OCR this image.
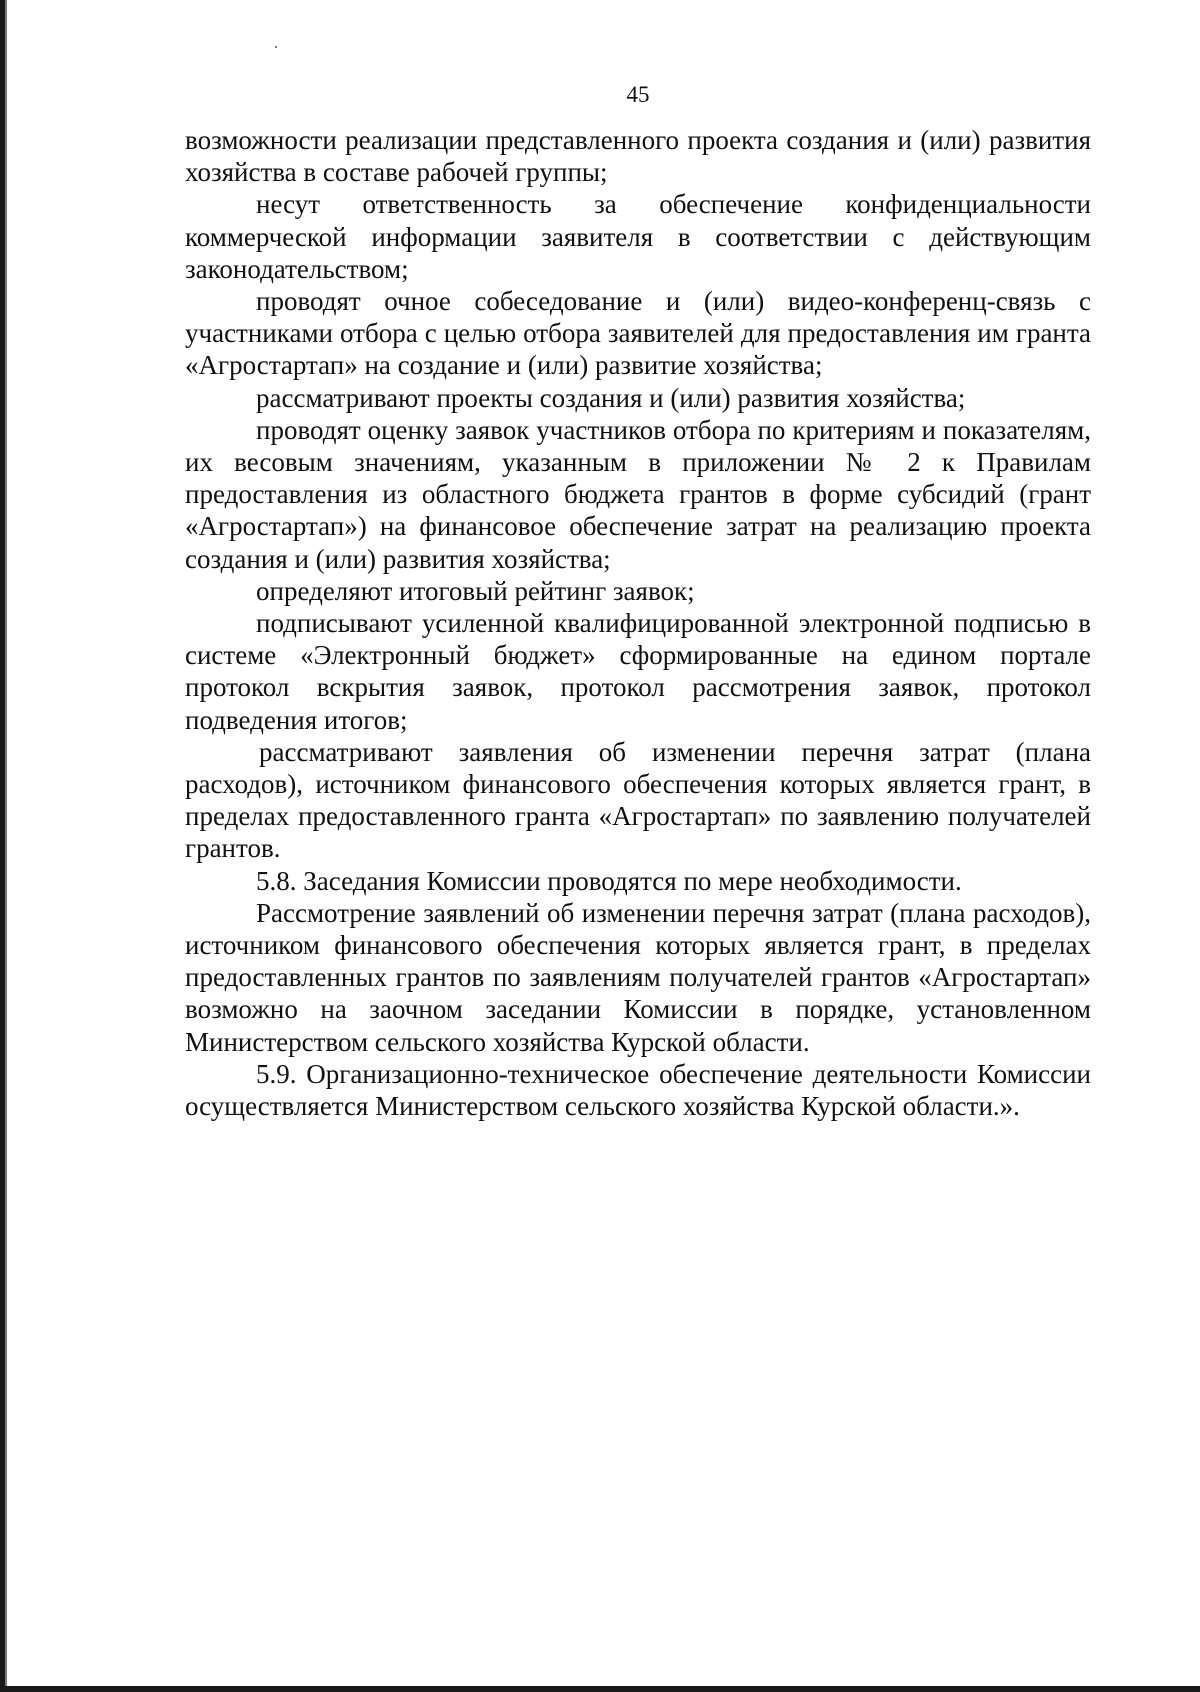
45

возможности реализации представленного проекта создания и (или) развития хозяйства в составе рабочей группы;

несут ответственность за обеспечение конфиденциальности коммерческой информации заявителя в соответствии с действующим законодательством;

проводят очное собеседование и (или) видео-конференц-связь с участниками отбора с целью отбора заявителей для предоставления им гранта «Агростартап» на создание и (или) развитие хозяйства;

рассматривают проекты создания и (или) развития хозяйства;

проводят оценку заявок участников отбора по критериям и показателям, их весовым значениям, указанным в приложении № 2 к Правилам предоставления из областного бюджета грантов в форме субсидий (грант «Агростартап») на финансовое обеспечение затрат на реализацию проекта создания и (или) развития хозяйства;

определяют итоговый рейтинг заявок;

подписывают усиленной квалифицированной электронной подписью в системе «Электронный бюджет» сформированные на едином портале протокол вскрытия заявок, протокол рассмотрения заявок, протокол подведения итогов;

рассматривают заявления об изменении перечня затрат (плана расходов), источником финансового обеспечения которых является грант, в пределах предоставленного гранта «Агростартап» по заявлению получателей грантов.

5.8. Заседания Комиссии проводятся по мере необходимости.

Рассмотрение заявлений об изменении перечня затрат (плана расходов), источником финансового обеспечения которых является грант, в пределах предоставленных грантов по заявлениям получателей грантов «Агростартап» возможно на заочном заседании Комиссии в порядке, установленном Министерством сельского хозяйства Курской области.

5.9. Организационно-техническое обеспечение деятельности Комиссии осуществляется Министерством сельского хозяйства Курской области.».
